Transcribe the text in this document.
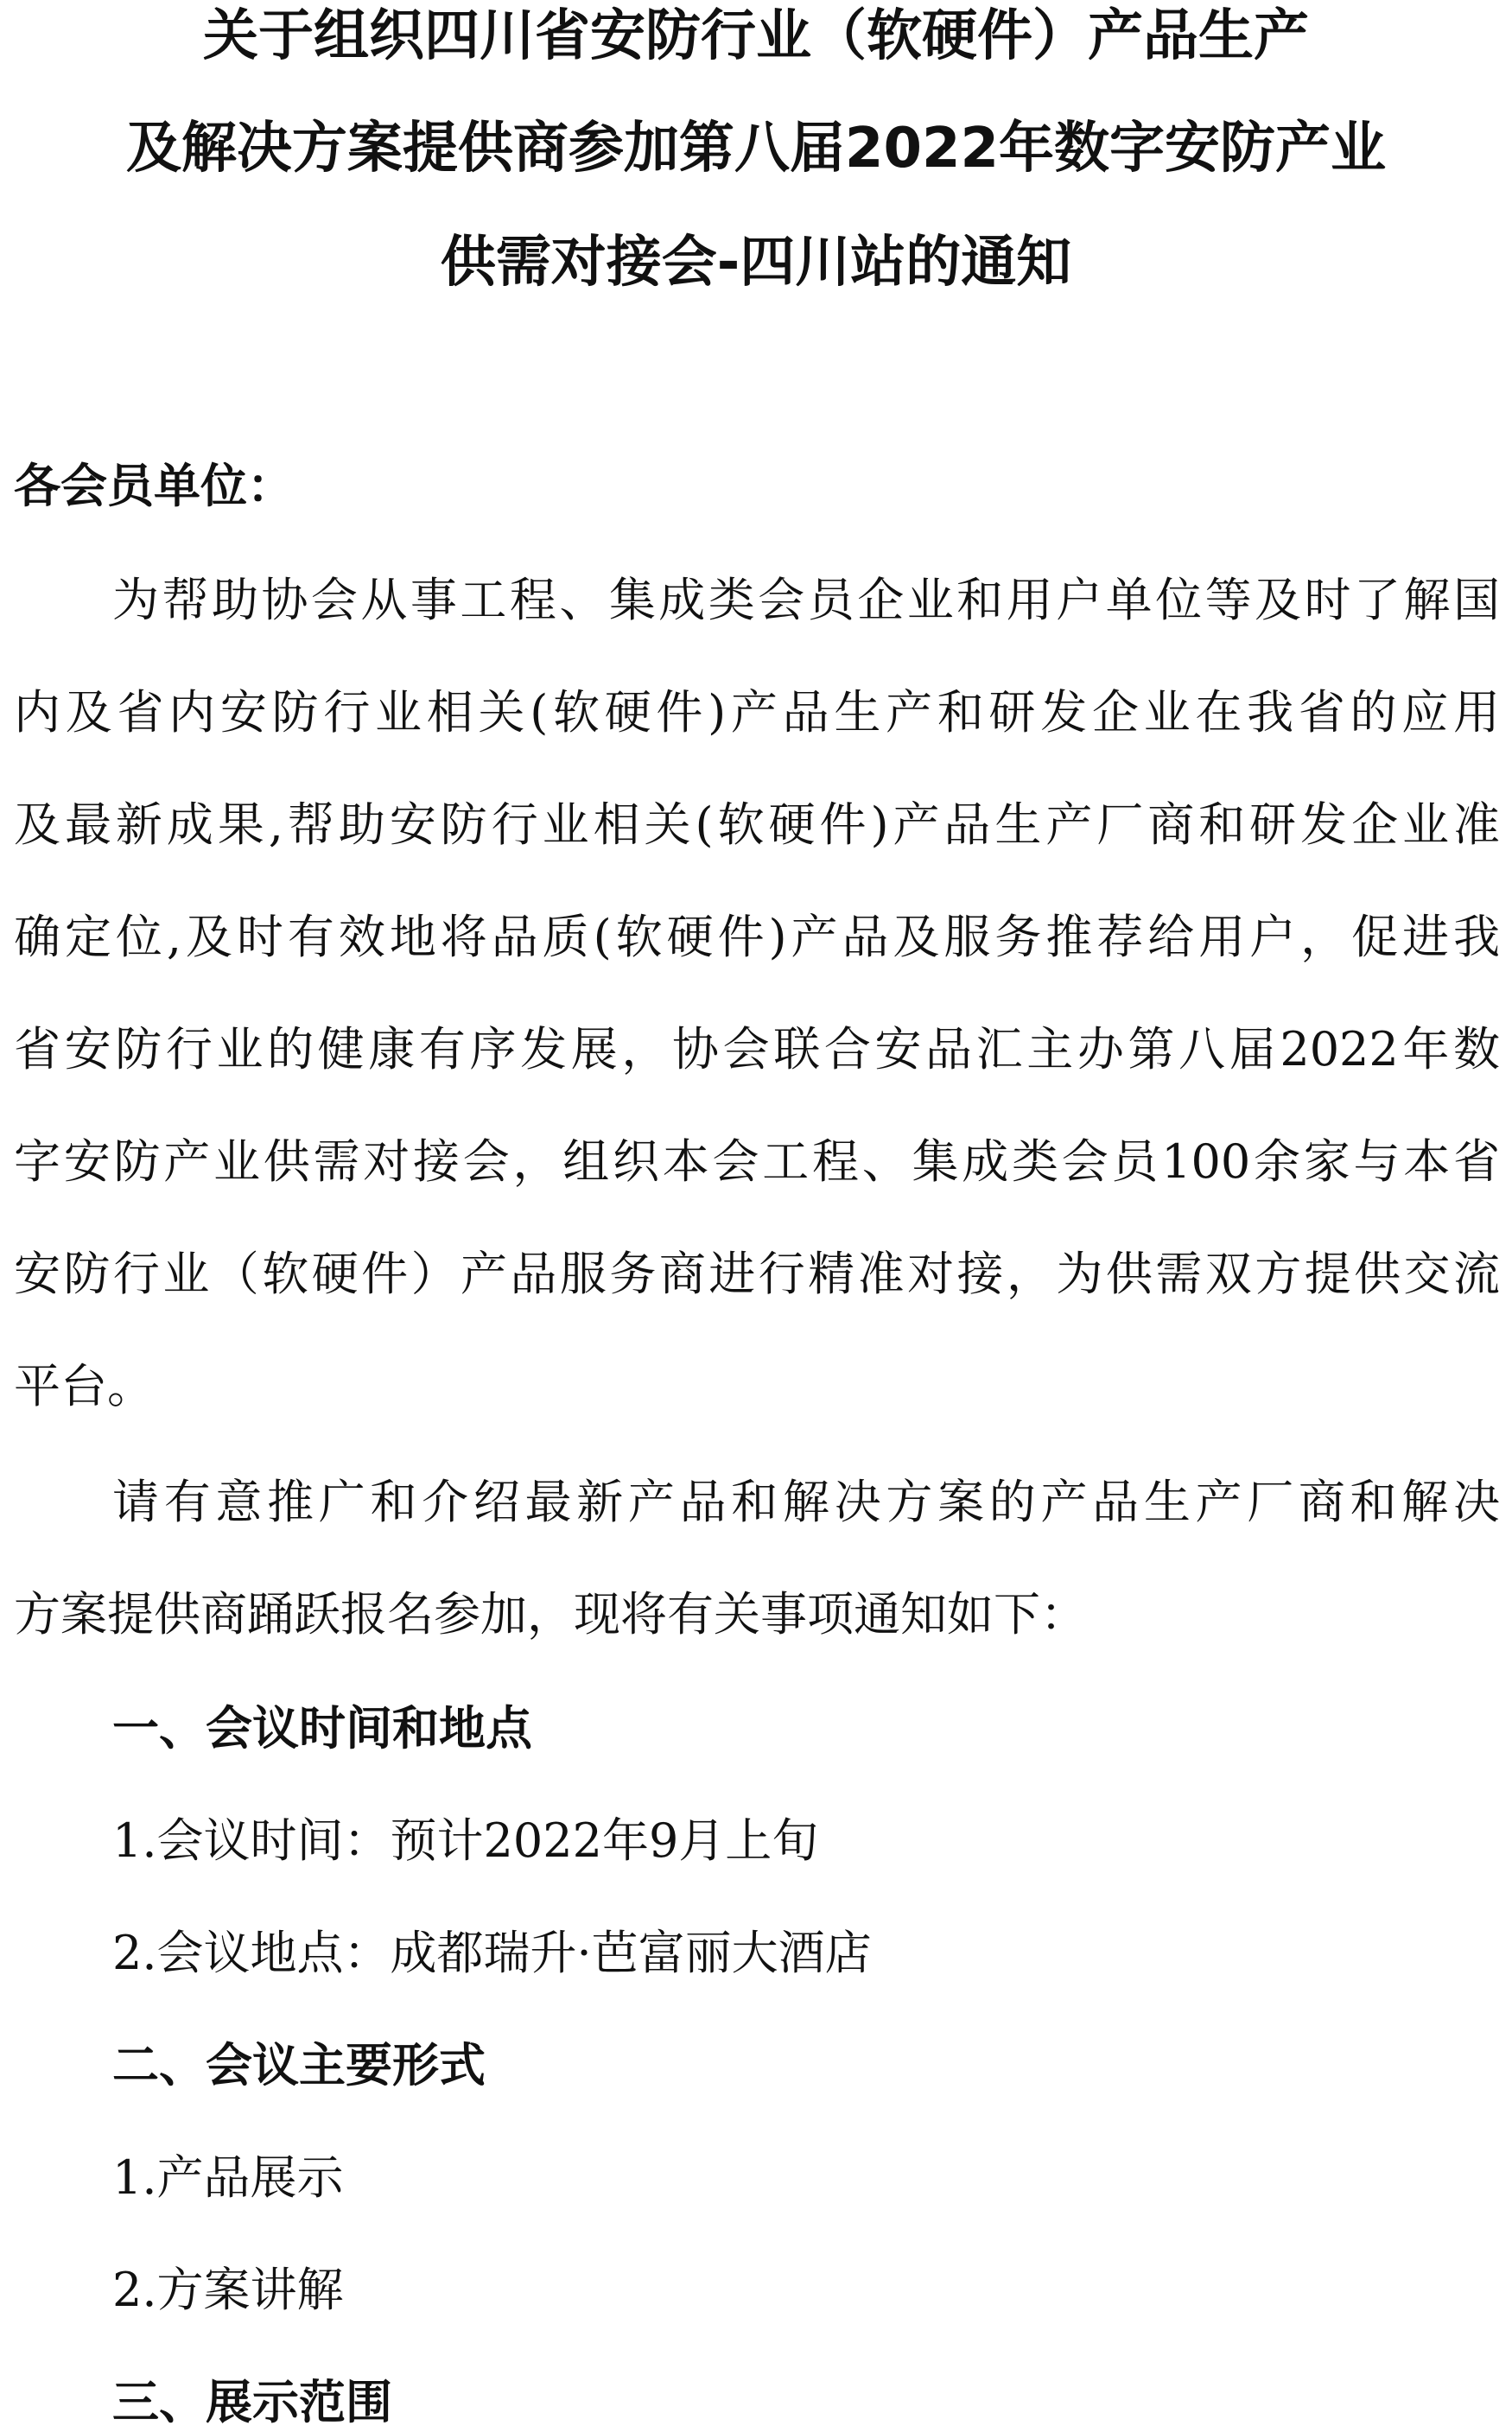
关于组织四川省安防行业（软硬件）产品生产
及解决方案提供商参加第八届2022年数字安防产业
供需对接会-四川站的通知
各会员单位：
为帮助协会从事工程、集成类会员企业和用户单位等及时了解国
内及省内安防行业相关(软硬件)产品生产和研发企业在我省的应用
及最新成果,帮助安防行业相关(软硬件)产品生产厂商和研发企业准
确定位,及时有效地将品质(软硬件)产品及服务推荐给用户，促进我
省安防行业的健康有序发展，协会联合安品汇主办第八届2022年数
字安防产业供需对接会，组织本会工程、集成类会员100余家与本省
安防行业（软硬件）产品服务商进行精准对接，为供需双方提供交流
平台。
请有意推广和介绍最新产品和解决方案的产品生产厂商和解决
方案提供商踊跃报名参加，现将有关事项通知如下：
一、会议时间和地点
1.会议时间：预计2022年9月上旬
2.会议地点：成都瑞升·芭富丽大酒店
二、会议主要形式
1.产品展示
2.方案讲解
三、展示范围
